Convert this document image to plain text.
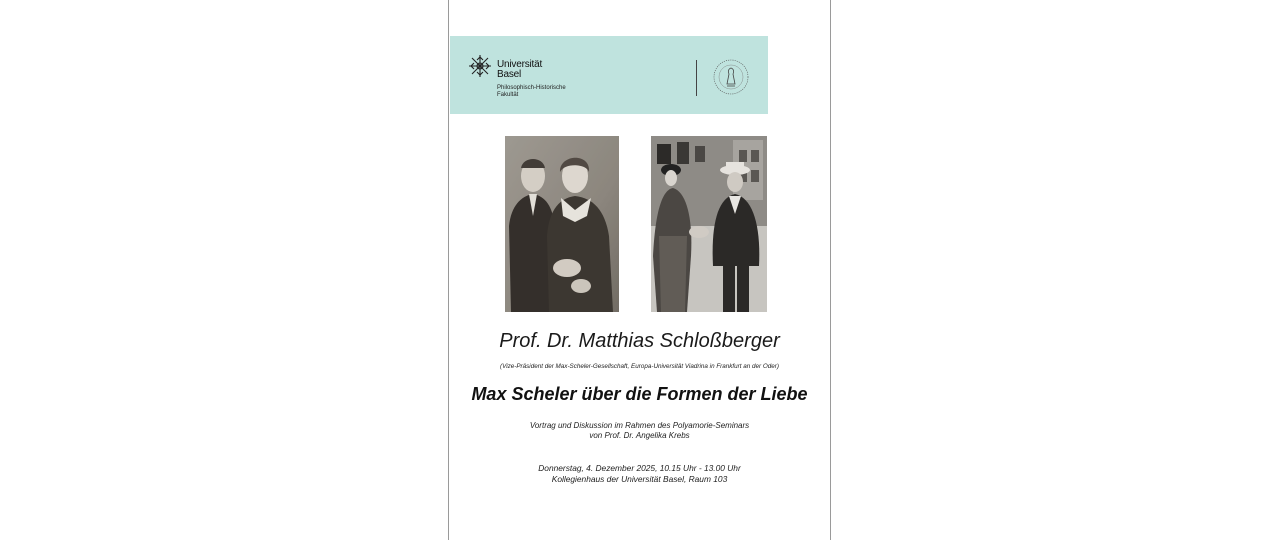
Universität
Basel
Philosophisch-Historische
Fakultät
Prof. Dr. Matthias Schloßberger
(Vize-Präsident der Max-Scheler-Gesellschaft, Europa-Universität Viadrina in Frankfurt an der Oder)
Max Scheler über die Formen der Liebe
Vortrag und Diskussion im Rahmen des Polyamorie-Seminars
von Prof. Dr. Angelika Krebs
Donnerstag, 4. Dezember 2025, 10.15 Uhr - 13.00 Uhr
Kollegienhaus der Universität Basel, Raum 103
